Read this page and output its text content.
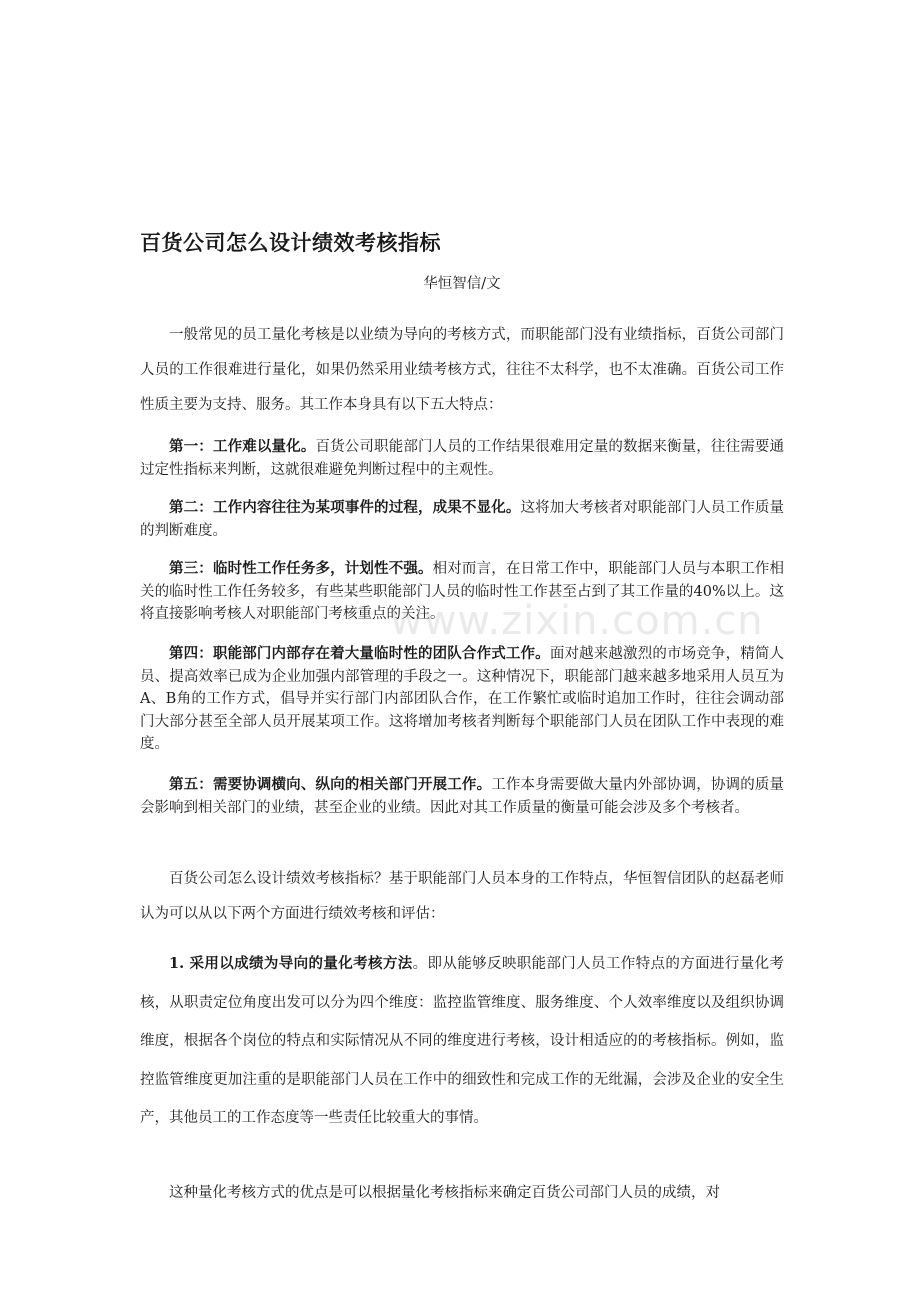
百货公司怎么设计绩效考核指标
华恒智信/文

一般常见的员工量化考核是以业绩为导向的考核方式，而职能部门没有业绩指标，百货公司部门人员的工作很难进行量化，如果仍然采用业绩考核方式，往往不太科学，也不太准确。百货公司工作性质主要为支持、服务。其工作本身具有以下五大特点：

第一：工作难以量化。百货公司职能部门人员的工作结果很难用定量的数据来衡量，往往需要通过定性指标来判断，这就很难避免判断过程中的主观性。

第二：工作内容往往为某项事件的过程，成果不显化。这将加大考核者对职能部门人员工作质量的判断难度。

第三：临时性工作任务多，计划性不强。相对而言，在日常工作中，职能部门人员与本职工作相关的临时性工作任务较多，有些某些职能部门人员的临时性工作甚至占到了其工作量的40%以上。这将直接影响考核人对职能部门考核重点的关注。

第四：职能部门内部存在着大量临时性的团队合作式工作。面对越来越激烈的市场竞争，精简人员、提高效率已成为企业加强内部管理的手段之一。这种情况下，职能部门越来越多地采用人员互为A、B角的工作方式，倡导并实行部门内部团队合作，在工作繁忙或临时追加工作时，往往会调动部门大部分甚至全部人员开展某项工作。这将增加考核者判断每个职能部门人员在团队工作中表现的难度。

第五：需要协调横向、纵向的相关部门开展工作。工作本身需要做大量内外部协调，协调的质量会影响到相关部门的业绩，甚至企业的业绩。因此对其工作质量的衡量可能会涉及多个考核者。

百货公司怎么设计绩效考核指标？基于职能部门人员本身的工作特点，华恒智信团队的赵磊老师认为可以从以下两个方面进行绩效考核和评估：

1. 采用以成绩为导向的量化考核方法。即从能够反映职能部门人员工作特点的方面进行量化考核，从职责定位角度出发可以分为四个维度：监控监管维度、服务维度、个人效率维度以及组织协调维度，根据各个岗位的特点和实际情况从不同的维度进行考核，设计相适应的的考核指标。例如，监控监管维度更加注重的是职能部门人员在工作中的细致性和完成工作的无纰漏，会涉及企业的安全生产，其他员工的工作态度等一些责任比较重大的事情。

这种量化考核方式的优点是可以根据量化考核指标来确定百货公司部门人员的成绩，对

www.zixin.com.cn
